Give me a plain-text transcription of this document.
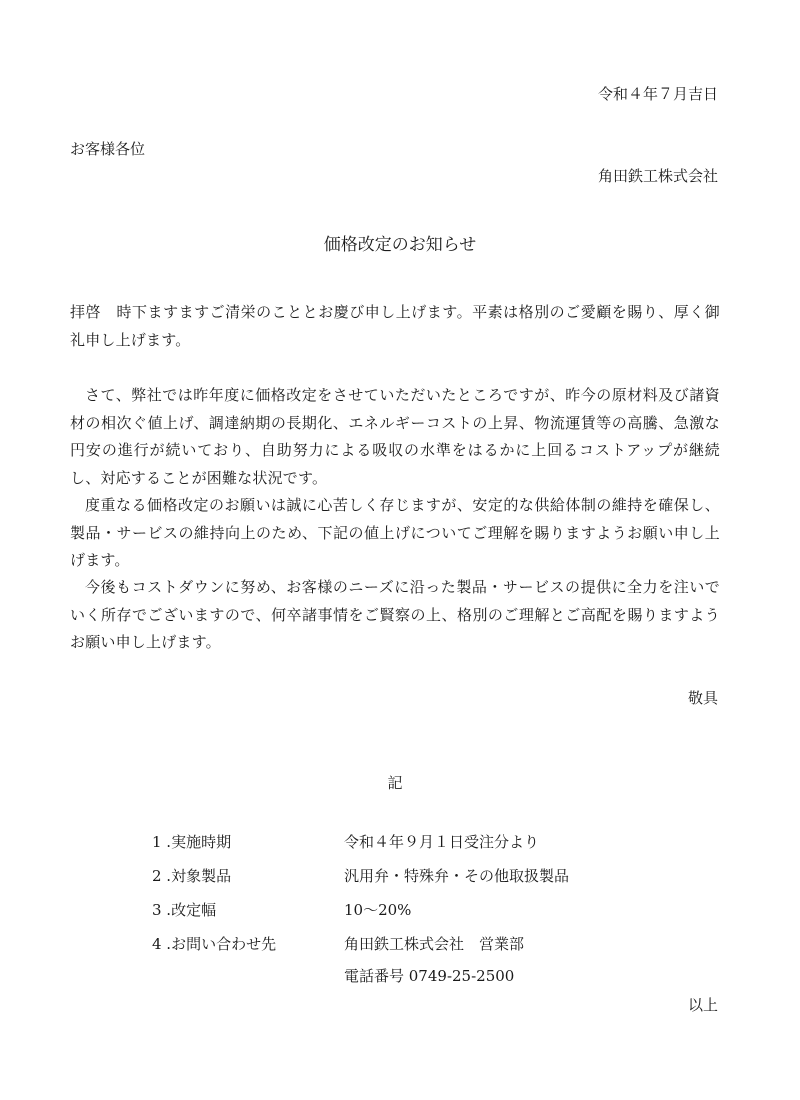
令和４年７月吉日
お客様各位
角田鉄工株式会社
価格改定のお知らせ
拝啓　時下ますますご清栄のこととお慶び申し上げます。平素は格別のご愛顧を賜り、厚く御礼申し上げます。
さて、弊社では昨年度に価格改定をさせていただいたところですが、昨今の原材料及び諸資材の相次ぐ値上げ、調達納期の長期化、エネルギーコストの上昇、物流運賃等の高騰、急激な円安の進行が続いており、自助努力による吸収の水準をはるかに上回るコストアップが継続し、対応することが困難な状況です。
度重なる価格改定のお願いは誠に心苦しく存じますが、安定的な供給体制の維持を確保し、製品・サービスの維持向上のため、下記の値上げについてご理解を賜りますようお願い申し上げます。
今後もコストダウンに努め、お客様のニーズに沿った製品・サービスの提供に全力を注いでいく所存でございますので、何卒諸事情をご賢察の上、格別のご理解とご高配を賜りますようお願い申し上げます。
敬具
記
1 .実施時期	令和４年９月１日受注分より
2 .対象製品	汎用弁・特殊弁・その他取扱製品
3 .改定幅	10～20%
4 .お問い合わせ先	角田鉄工株式会社　営業部
電話番号 0749-25-2500
以上
